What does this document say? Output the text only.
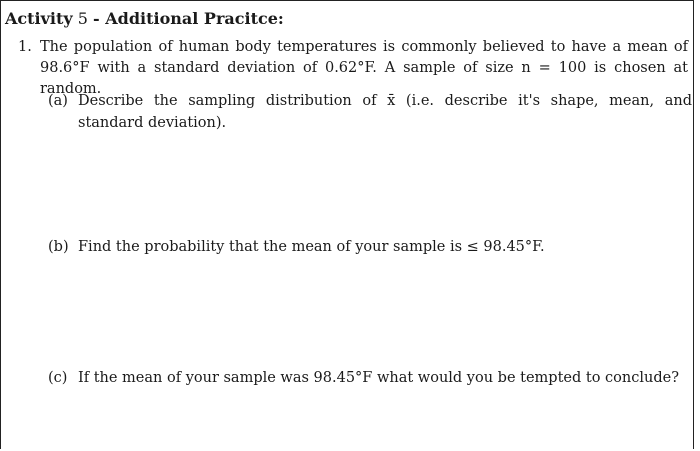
Activity 5 - Additional Pracitce:
1. The population of human body temperatures is commonly believed to have a mean of 98.6°F with a standard deviation of 0.62°F. A sample of size n = 100 is chosen at random.
(a) Describe the sampling distribution of x̄ (i.e. describe it's shape, mean, and standard deviation).
(b) Find the probability that the mean of your sample is ≤ 98.45°F.
(c) If the mean of your sample was 98.45°F what would you be tempted to conclude?
